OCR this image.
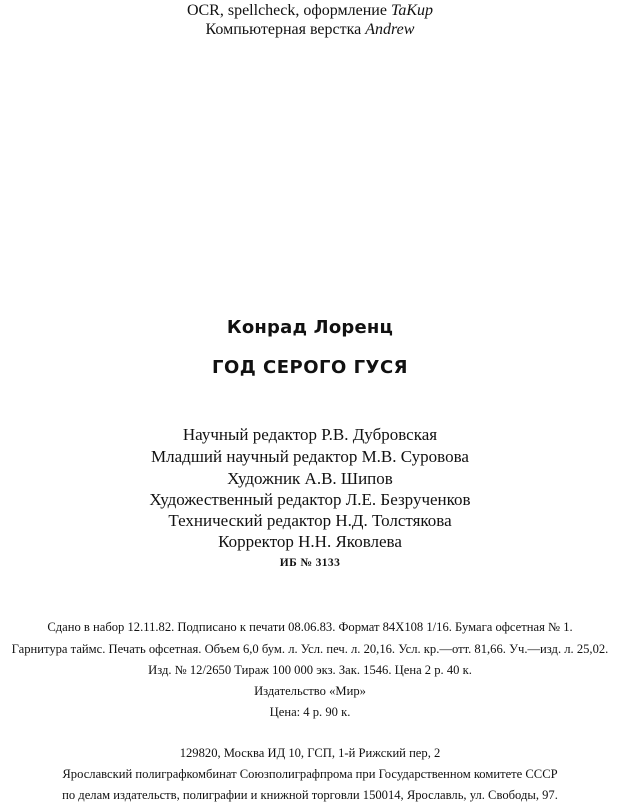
OCR, spellcheck, оформление TaKup
Компьютерная верстка Andrew
Конрад Лоренц
ГОД СЕРОГО ГУСЯ
Научный редактор Р.В. Дубровская
Младший научный редактор М.В. Суровова
Художник А.В. Шипов
Художественный редактор Л.Е. Безрученков
Технический редактор Н.Д. Толстякова
Корректор Н.Н. Яковлева
ИБ № 3133
Сдано в набор 12.11.82. Подписано к печати 08.06.83. Формат 84X108 1/16. Бумага офсетная № 1.
Гарнитура таймс. Печать офсетная. Объем 6,0 бум. л. Усл. печ. л. 20,16. Усл. кр.—отт. 81,66. Уч.—изд. л. 25,02.
Изд. № 12/2650 Тираж 100 000 экз. Зак. 1546. Цена 2 р. 40 к.
Издательство «Мир»
Цена: 4 р. 90 к.
129820, Москва ИД 10, ГСП, 1-й Рижский пер, 2
Ярославский полиграфкомбинат Союзполиграфпрома при Государственном комитете СССР
по делам издательств, полиграфии и книжной торговли 150014, Ярославль, ул. Свободы, 97.
